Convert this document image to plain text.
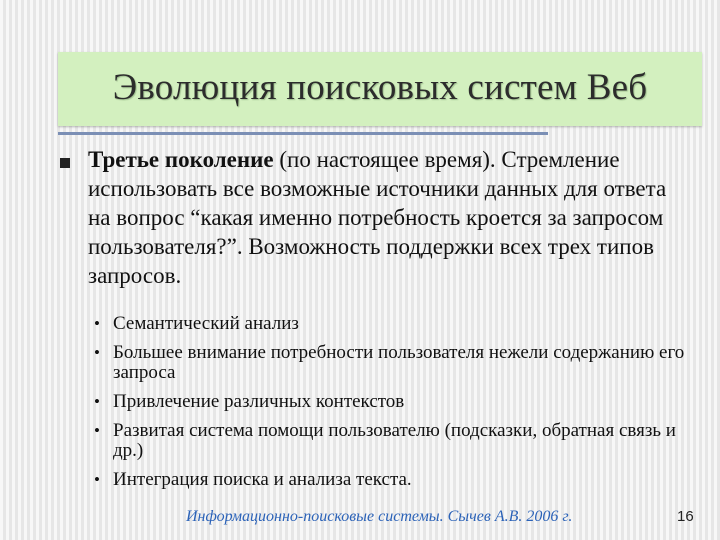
Эволюция поисковых систем Веб
Третье поколение (по настоящее время). Стремление использовать все возможные источники данных для ответа на вопрос “какая именно потребность кроется за запросом пользователя?”. Возможность поддержки всех трех типов запросов.
• Семантический анализ
• Большее внимание потребности пользователя нежели содержанию его запроса
• Привлечение различных контекстов
• Развитая система помощи пользователю (подсказки, обратная связь и др.)
• Интеграция поиска и анализа текста.
Информационно-поисковые системы. Сычев А.В. 2006 г.	16
